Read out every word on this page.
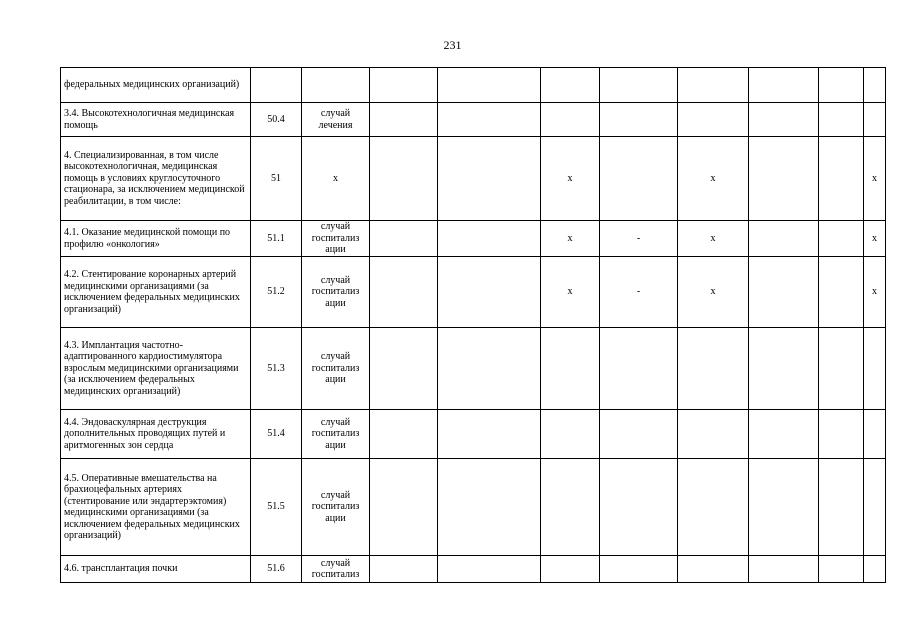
231
федеральных медицинских организаций)										
3.4. Высокотехнологичная медицинская помощь	50.4	случай лечения								
4. Специализированная, в том числе высокотехнологичная, медицинская помощь в условиях круглосуточного стационара, за исключением медицинской реабилитации, в том числе:	51	х			х		х			х
4.1. Оказание медицинской помощи по профилю «онкология»	51.1	случай госпитализ ации			х	-	х			х
4.2. Стентирование коронарных артерий медицинскими организациями (за исключением федеральных медицинских организаций)	51.2	случай госпитализ ации			х	-	х			х
4.3. Имплантация частотно-адаптированного кардиостимулятора взрослым медицинскими организациями (за исключением федеральных медицинских организаций)	51.3	случай госпитализ ации								
4.4. Эндоваскулярная деструкция дополнительных проводящих путей и аритмогенных зон сердца	51.4	случай госпитализ ации								
4.5. Оперативные вмешательства на брахиоцефальных артериях (стентирование или эндартерэктомия) медицинскими организациями (за исключением федеральных медицинских организаций)	51.5	случай госпитализ ации								
4.6. трансплантация почки	51.6	случай госпитализ								
